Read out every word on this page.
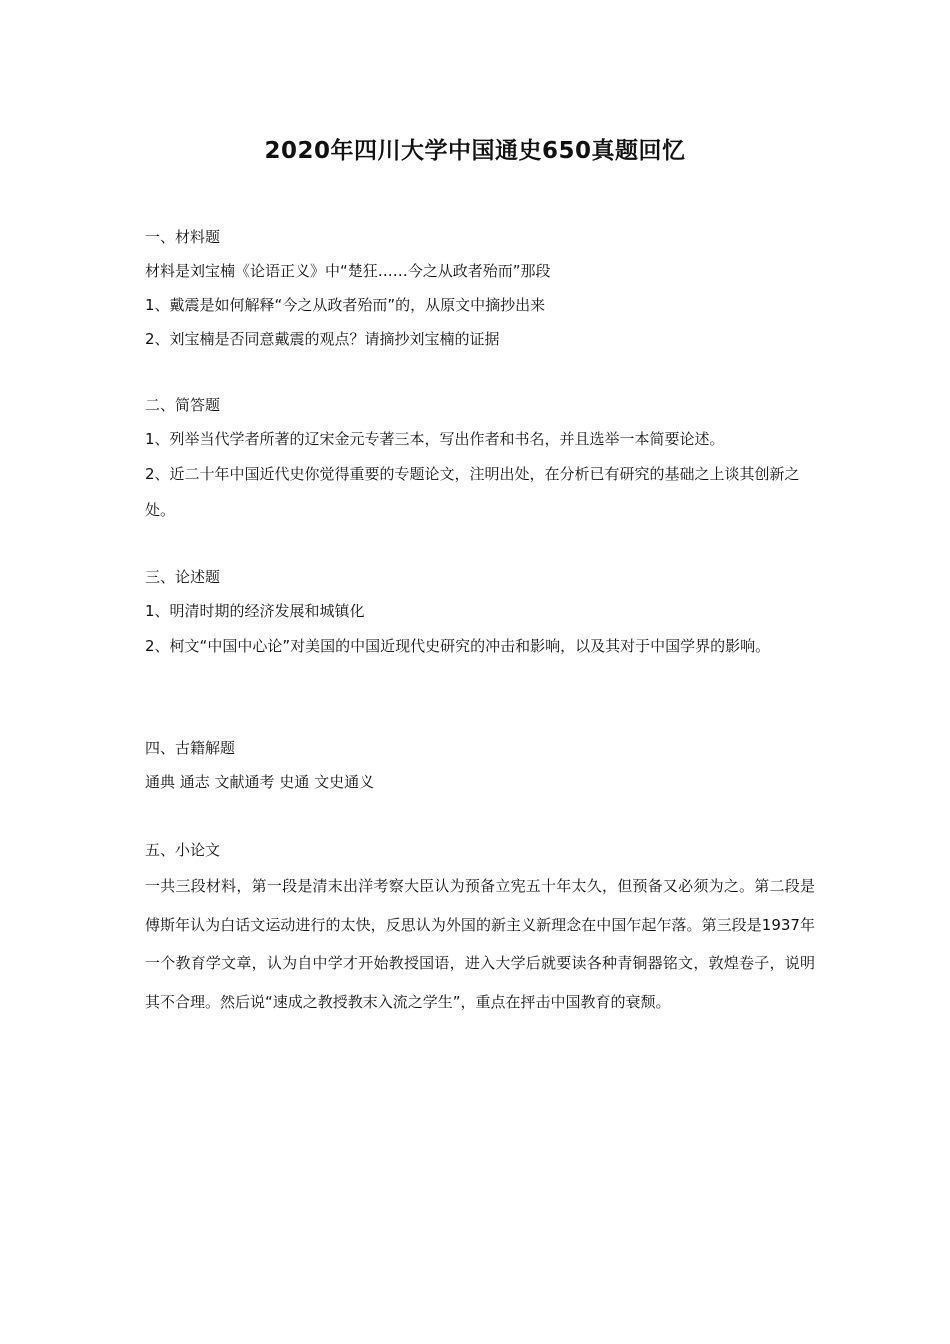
2020年四川大学中国通史650真题回忆

一、材料题

材料是刘宝楠《论语正义》中“楚狂……今之从政者殆而”那段

1、戴震是如何解释“今之从政者殆而”的，从原文中摘抄出来

2、刘宝楠是否同意戴震的观点？请摘抄刘宝楠的证据

二、简答题

1、列举当代学者所著的辽宋金元专著三本，写出作者和书名，并且选举一本简要论述。

2、近二十年中国近代史你觉得重要的专题论文，注明出处，在分析已有研究的基础之上谈其创新之处。

三、论述题

1、明清时期的经济发展和城镇化

2、柯文“中国中心论”对美国的中国近现代史研究的冲击和影响，以及其对于中国学界的影响。

四、古籍解题

通典 通志 文献通考 史通 文史通义

五、小论文

一共三段材料，第一段是清末出洋考察大臣认为预备立宪五十年太久，但预备又必须为之。第二段是傅斯年认为白话文运动进行的太快，反思认为外国的新主义新理念在中国乍起乍落。第三段是1937年一个教育学文章，认为自中学才开始教授国语，进入大学后就要读各种青铜器铭文，敦煌卷子，说明其不合理。然后说“速成之教授教末入流之学生”，重点在抨击中国教育的衰颓。
